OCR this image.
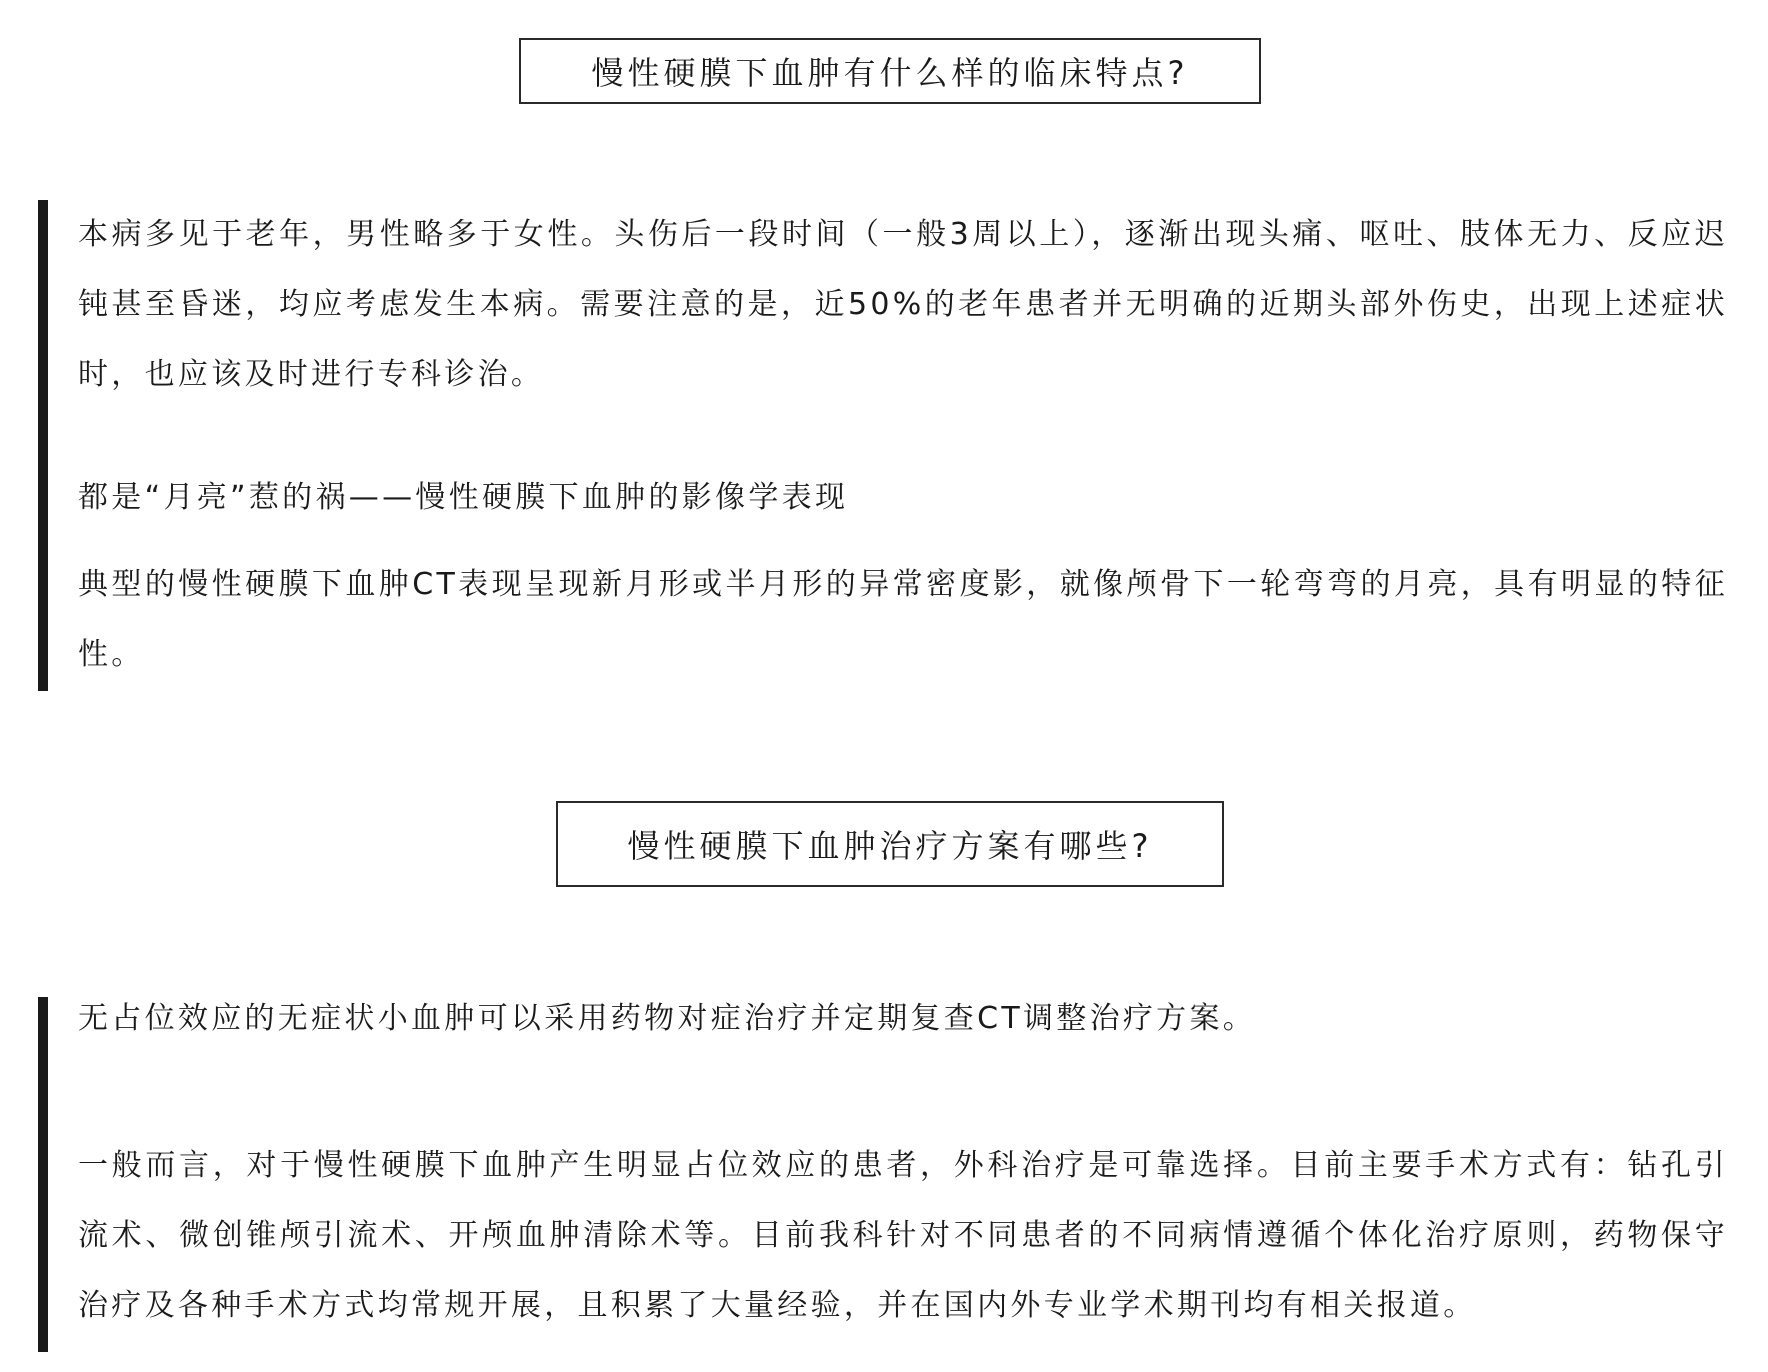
慢性硬膜下血肿有什么样的临床特点?

本病多见于老年，男性略多于女性。头伤后一段时间（一般3周以上），逐渐出现头痛、呕吐、肢体无力、反应迟钝甚至昏迷，均应考虑发生本病。需要注意的是，近50%的老年患者并无明确的近期头部外伤史，出现上述症状时，也应该及时进行专科诊治。

都是“月亮”惹的祸——慢性硬膜下血肿的影像学表现

典型的慢性硬膜下血肿CT表现呈现新月形或半月形的异常密度影，就像颅骨下一轮弯弯的月亮，具有明显的特征性。

慢性硬膜下血肿治疗方案有哪些?

无占位效应的无症状小血肿可以采用药物对症治疗并定期复查CT调整治疗方案。

一般而言，对于慢性硬膜下血肿产生明显占位效应的患者，外科治疗是可靠选择。目前主要手术方式有：钻孔引流术、微创锥颅引流术、开颅血肿清除术等。目前我科针对不同患者的不同病情遵循个体化治疗原则，药物保守治疗及各种手术方式均常规开展，且积累了大量经验，并在国内外专业学术期刊均有相关报道。
